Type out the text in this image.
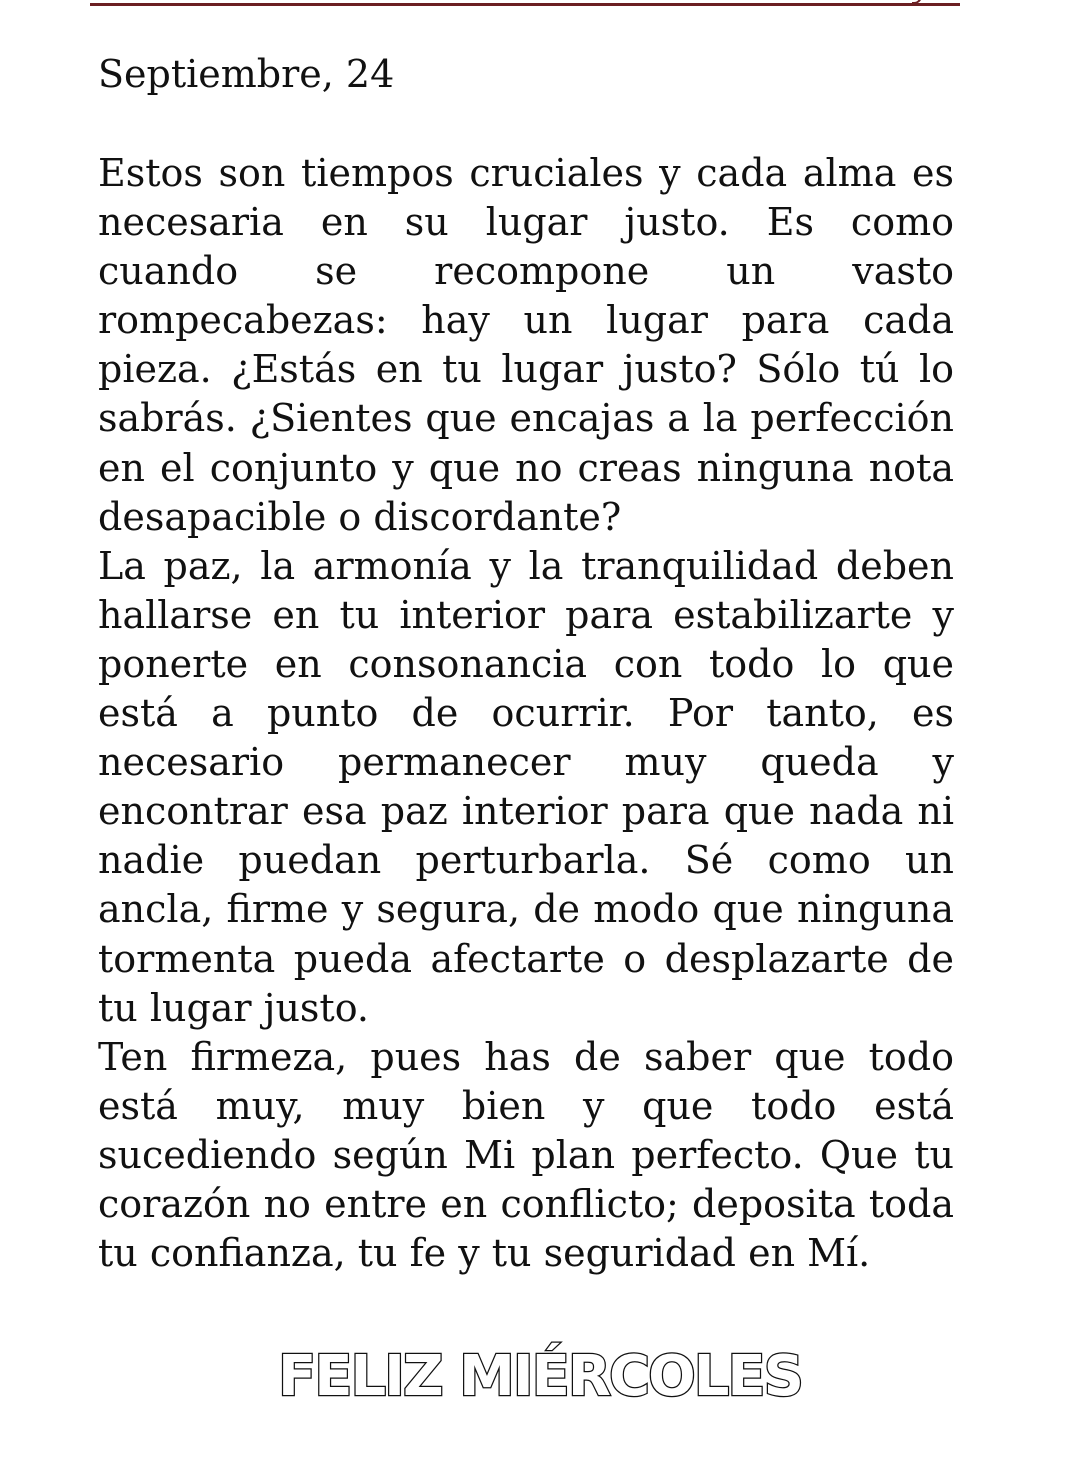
Septiembre, 24

Estos son tiempos cruciales y cada alma es necesaria en su lugar justo. Es como cuando se recompone un vasto rompecabezas: hay un lugar para cada pieza. ¿Estás en tu lugar justo? Sólo tú lo sabrás. ¿Sientes que encajas a la perfección en el conjunto y que no creas ninguna nota desapacible o discordante?

La paz, la armonía y la tranquilidad deben hallarse en tu interior para estabilizarte y ponerte en consonancia con todo lo que está a punto de ocurrir. Por tanto, es necesario permanecer muy queda y encontrar esa paz interior para que nada ni nadie puedan perturbarla. Sé como un ancla, firme y segura, de modo que ninguna tormenta pueda afectarte o desplazarte de tu lugar justo.

Ten firmeza, pues has de saber que todo está muy, muy bien y que todo está sucediendo según Mi plan perfecto. Que tu corazón no entre en conflicto; deposita toda tu confianza, tu fe y tu seguridad en Mí.

FELIZ MIÉRCOLES
